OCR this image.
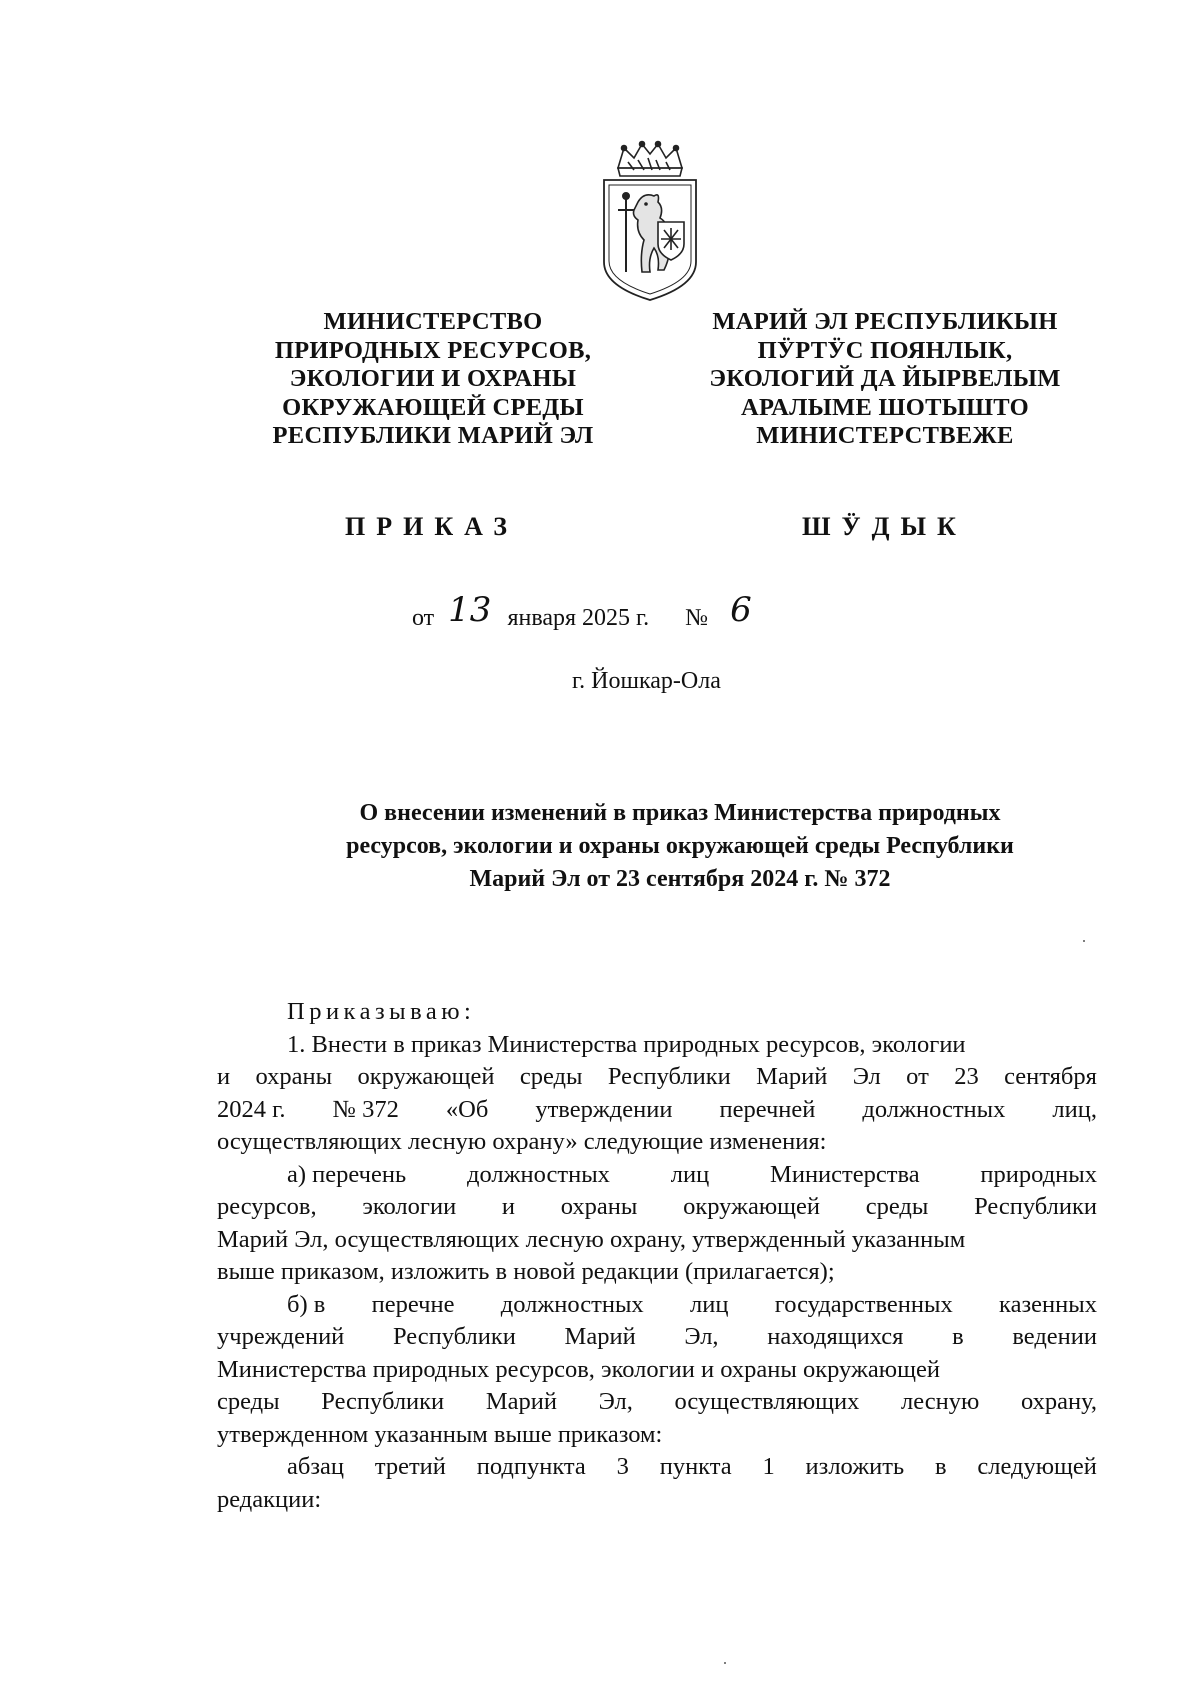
МИНИСТЕРСТВО
ПРИРОДНЫХ РЕСУРСОВ,
ЭКОЛОГИИ И ОХРАНЫ
ОКРУЖАЮЩЕЙ СРЕДЫ
РЕСПУБЛИКИ МАРИЙ ЭЛ
МАРИЙ ЭЛ РЕСПУБЛИКЫН
ПӰРТӰС ПОЯНЛЫК,
ЭКОЛОГИЙ ДА ЙЫРВЕЛЫМ
АРАЛЫМЕ ШОТЫШТО
МИНИСТЕРСТВЕЖЕ
ПРИКАЗ	ШӰДЫК
от 13 января 2025 г. № 6
г. Йошкар-Ола
О внесении изменений в приказ Министерства природных
ресурсов, экологии и охраны окружающей среды Республики
Марий Эл от 23 сентября 2024 г. № 372
Приказываю:
1. Внести в приказ Министерства природных ресурсов, экологии
и охраны окружающей среды Республики Марий Эл от 23 сентября
2024 г. № 372 «Об утверждении перечней должностных лиц,
осуществляющих лесную охрану» следующие изменения:
а) перечень должностных лиц Министерства природных
ресурсов, экологии и охраны окружающей среды Республики
Марий Эл, осуществляющих лесную охрану, утвержденный указанным
выше приказом, изложить в новой редакции (прилагается);
б) в перечне должностных лиц государственных казенных
учреждений Республики Марий Эл, находящихся в ведении
Министерства природных ресурсов, экологии и охраны окружающей
среды Республики Марий Эл, осуществляющих лесную охрану,
утвержденном указанным выше приказом:
абзац третий подпункта 3 пункта 1 изложить в следующей
редакции:
